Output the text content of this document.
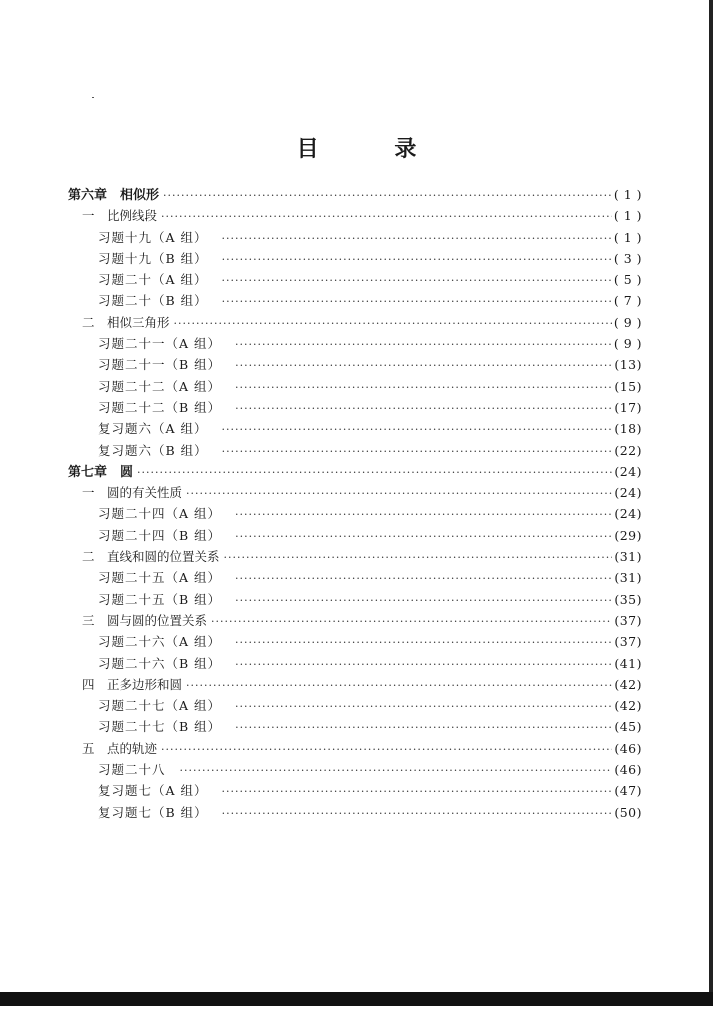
目 录
第六章　相似形 ·····	( 1 )
一　比例线段 ·····	( 1 )
习题十九（A 组） ·····	( 1 )
习题十九（B 组） ·····	( 3 )
习题二十（A 组） ·····	( 5 )
习题二十（B 组） ·····	( 7 )
二　相似三角形 ·····	( 9 )
习题二十一（A 组） ·····	( 9 )
习题二十一（B 组） ·····	(13)
习题二十二（A 组） ·····	(15)
习题二十二（B 组） ·····	(17)
复习题六（A 组） ·····	(18)
复习题六（B 组） ·····	(22)
第七章　圆 ·····	(24)
一　圆的有关性质 ·····	(24)
习题二十四（A 组） ·····	(24)
习题二十四（B 组） ·····	(29)
二　直线和圆的位置关系 ·····	(31)
习题二十五（A 组） ·····	(31)
习题二十五（B 组） ·····	(35)
三　圆与圆的位置关系 ·····	(37)
习题二十六（A 组） ·····	(37)
习题二十六（B 组） ·····	(41)
四　正多边形和圆 ·····	(42)
习题二十七（A 组） ·····	(42)
习题二十七（B 组） ·····	(45)
五　点的轨迹 ·····	(46)
习题二十八 ·····	(46)
复习题七（A 组） ·····	(47)
复习题七（B 组） ·····	(50)
